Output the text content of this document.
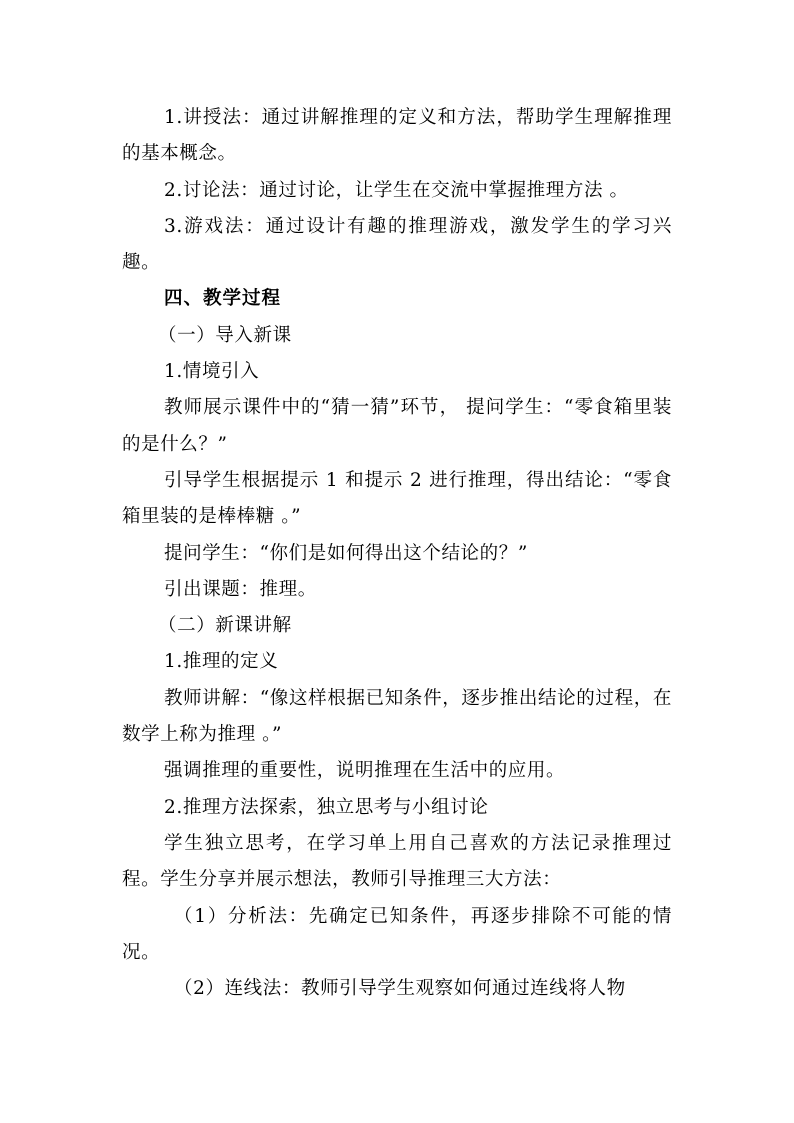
1.讲授法：通过讲解推理的定义和方法，帮助学生理解推理的基本概念。

2.讨论法：通过讨论，让学生在交流中掌握推理方法 。

3.游戏法：通过设计有趣的推理游戏，激发学生的学习兴趣。

四、教学过程

（一）导入新课

1.情境引入

教师展示课件中的“猜一猜”环节， 提问学生：“零食箱里装的是什么？”

引导学生根据提示 1 和提示 2 进行推理，得出结论：“零食箱里装的是棒棒糖 。”

提问学生：“你们是如何得出这个结论的？”

引出课题：推理。

（二）新课讲解

1.推理的定义

教师讲解：“像这样根据已知条件，逐步推出结论的过程，在数学上称为推理 。”

强调推理的重要性，说明推理在生活中的应用。

2.推理方法探索，独立思考与小组讨论

学生独立思考，在学习单上用自己喜欢的方法记录推理过程。学生分享并展示想法，教师引导推理三大方法：

（1）分析法：先确定已知条件，再逐步排除不可能的情况。

（2）连线法：教师引导学生观察如何通过连线将人物
